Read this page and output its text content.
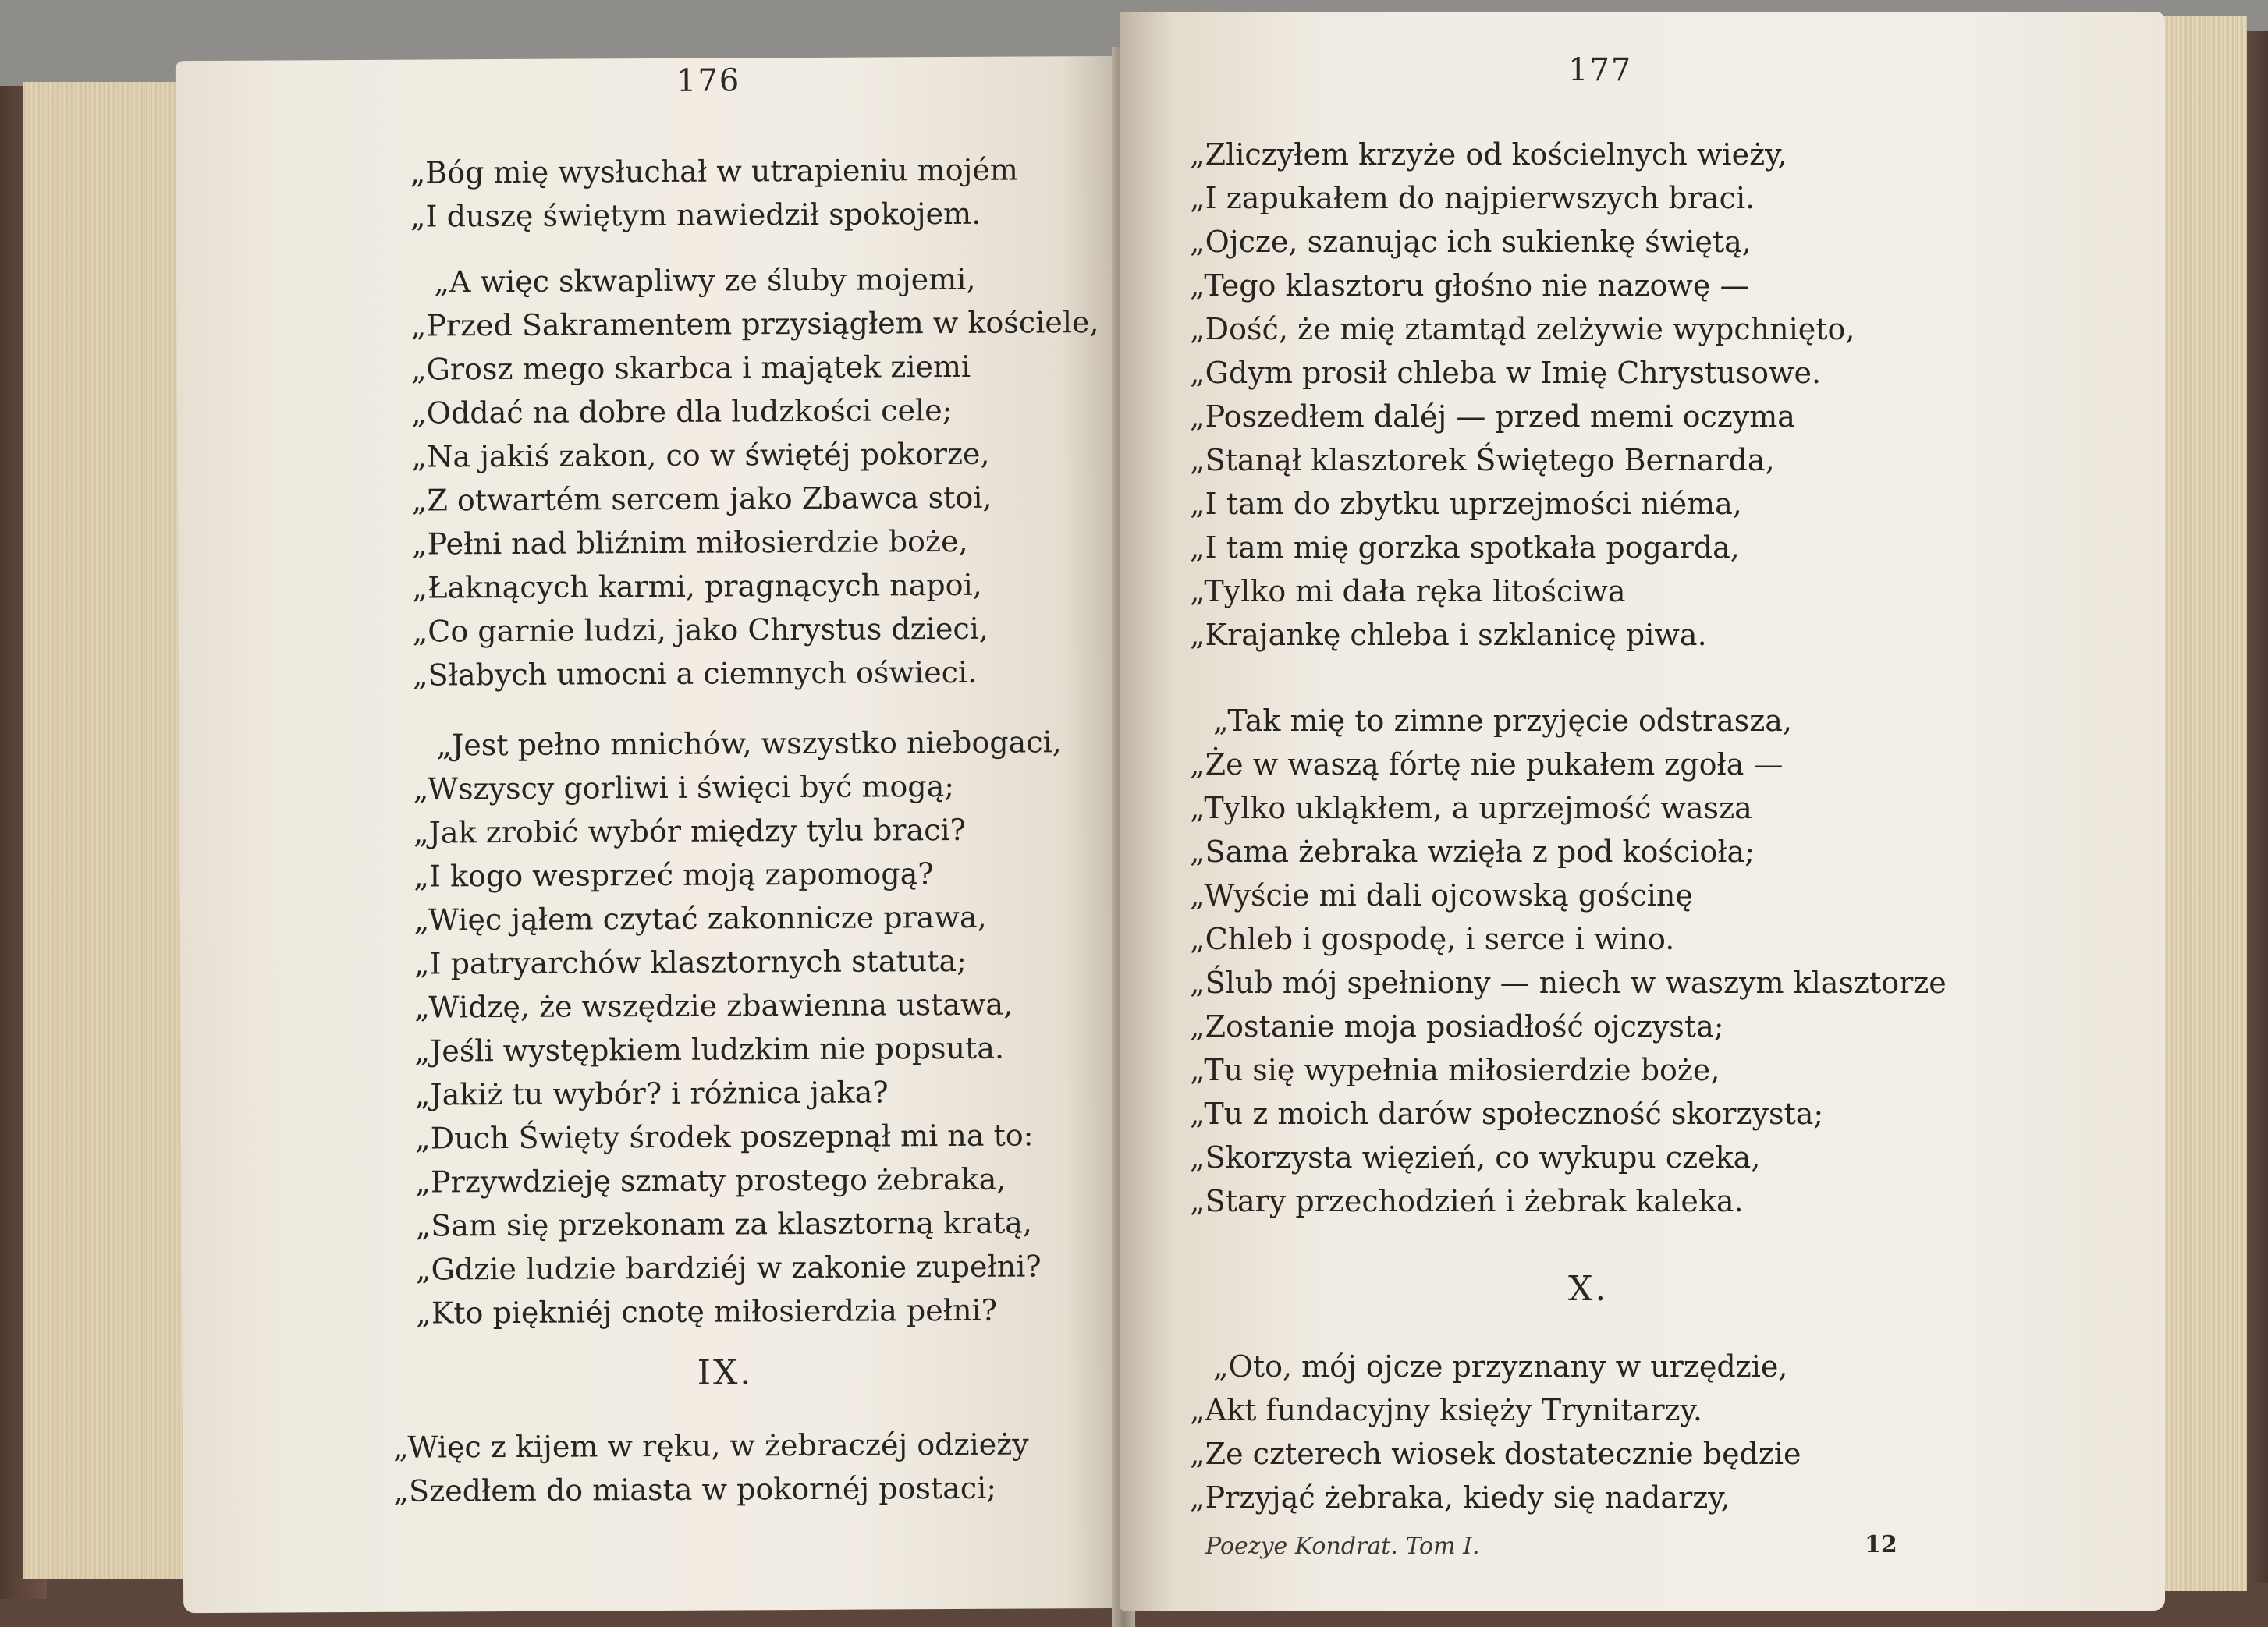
176
„Bóg mię wysłuchał w utrapieniu mojém
„I duszę świętym nawiedził spokojem.
„A więc skwapliwy ze śluby mojemi,
„Przed Sakramentem przysiągłem w kościele,
„Grosz mego skarbca i majątek ziemi
„Oddać na dobre dla ludzkości cele;
„Na jakiś zakon, co w świętéj pokorze,
„Z otwartém sercem jako Zbawca stoi,
„Pełni nad bliźnim miłosierdzie boże,
„Łaknących karmi, pragnących napoi,
„Co garnie ludzi, jako Chrystus dzieci,
„Słabych umocni a ciemnych oświeci.
„Jest pełno mnichów, wszystko niebogaci,
„Wszyscy gorliwi i święci być mogą;
„Jak zrobić wybór między tylu braci?
„I kogo wesprzeć moją zapomogą?
„Więc jąłem czytać zakonnicze prawa,
„I patryarchów klasztornych statuta;
„Widzę, że wszędzie zbawienna ustawa,
„Jeśli występkiem ludzkim nie popsuta.
„Jakiż tu wybór? i różnica jaka?
„Duch Święty środek poszepnął mi na to:
„Przywdzieję szmaty prostego żebraka,
„Sam się przekonam za klasztorną kratą,
„Gdzie ludzie bardziéj w zakonie zupełni?
„Kto piękniéj cnotę miłosierdzia pełni?
IX.
„Więc z kijem w ręku, w żebraczéj odzieży
„Szedłem do miasta w pokornéj postaci;
177
„Zliczyłem krzyże od kościelnych wieży,
„I zapukałem do najpierwszych braci.
„Ojcze, szanując ich sukienkę świętą,
„Tego klasztoru głośno nie nazowę —
„Dość, że mię ztamtąd zelżywie wypchnięto,
„Gdym prosił chleba w Imię Chrystusowe.
„Poszedłem daléj — przed memi oczyma
„Stanął klasztorek Świętego Bernarda,
„I tam do zbytku uprzejmości niéma,
„I tam mię gorzka spotkała pogarda,
„Tylko mi dała ręka litościwa
„Krajankę chleba i szklanicę piwa.
„Tak mię to zimne przyjęcie odstrasza,
„Że w waszą fórtę nie pukałem zgoła —
„Tylko ukląkłem, a uprzejmość wasza
„Sama żebraka wzięła z pod kościoła;
„Wyście mi dali ojcowską gościnę
„Chleb i gospodę, i serce i wino.
„Ślub mój spełniony — niech w waszym klasztorze
„Zostanie moja posiadłość ojczysta;
„Tu się wypełnia miłosierdzie boże,
„Tu z moich darów społeczność skorzysta;
„Skorzysta więzień, co wykupu czeka,
„Stary przechodzień i żebrak kaleka.
X.
„Oto, mój ojcze przyznany w urzędzie,
„Akt fundacyjny księży Trynitarzy.
„Ze czterech wiosek dostatecznie będzie
„Przyjąć żebraka, kiedy się nadarzy,
Poezye Kondrat. Tom I.	12
